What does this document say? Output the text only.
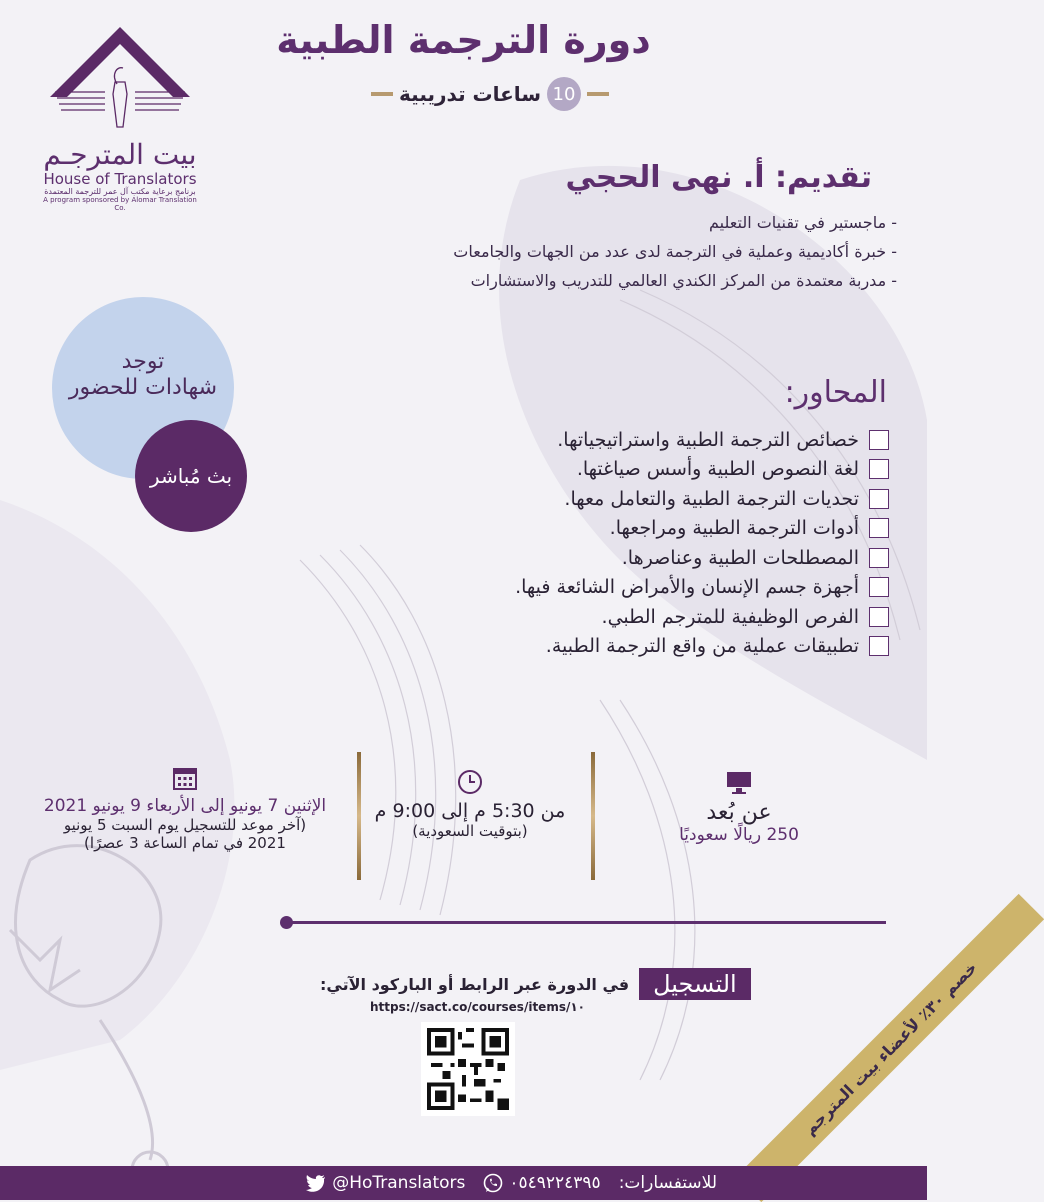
دورة الترجمة الطبية
10
ساعات تدريبية
بيت المترجـم
House of Translators
برنامج برعاية مكتب آل عمر للترجمة المعتمدة
A program sponsored by Alomar Translation Co.
تقديم: أ. نهى الحجي
- ماجستير في تقنيات التعليم
- خبرة أكاديمية وعملية في الترجمة لدى عدد من الجهات والجامعات
- مدربة معتمدة من المركز الكندي العالمي للتدريب والاستشارات
توجد
شهادات للحضور
بث مُباشر
المحاور:
خصائص الترجمة الطبية واستراتيجياتها.
لغة النصوص الطبية وأسس صياغتها.
تحديات الترجمة الطبية والتعامل معها.
أدوات الترجمة الطبية ومراجعها.
المصطلحات الطبية وعناصرها.
أجهزة جسم الإنسان والأمراض الشائعة فيها.
الفرص الوظيفية للمترجم الطبي.
تطبيقات عملية من واقع الترجمة الطبية.
عن بُعد
250 ريالًا سعوديًا
من 5:30 م إلى 9:00 م
(بتوقيت السعودية)
الإثنين 7 يونيو إلى الأربعاء 9 يونيو 2021
(آخر موعد للتسجيل يوم السبت 5 يونيو
2021 في تمام الساعة 3 عصرًا)
التسجيل
في الدورة عبر الرابط أو الباركود الآتي:
https://sact.co/courses/items/١٠	خصم ٣٠٪ لأعضاء بيت المترجم
@HoTranslators	٠٥٤٩٢٢٤٣٩٥ للاستفسارات:
